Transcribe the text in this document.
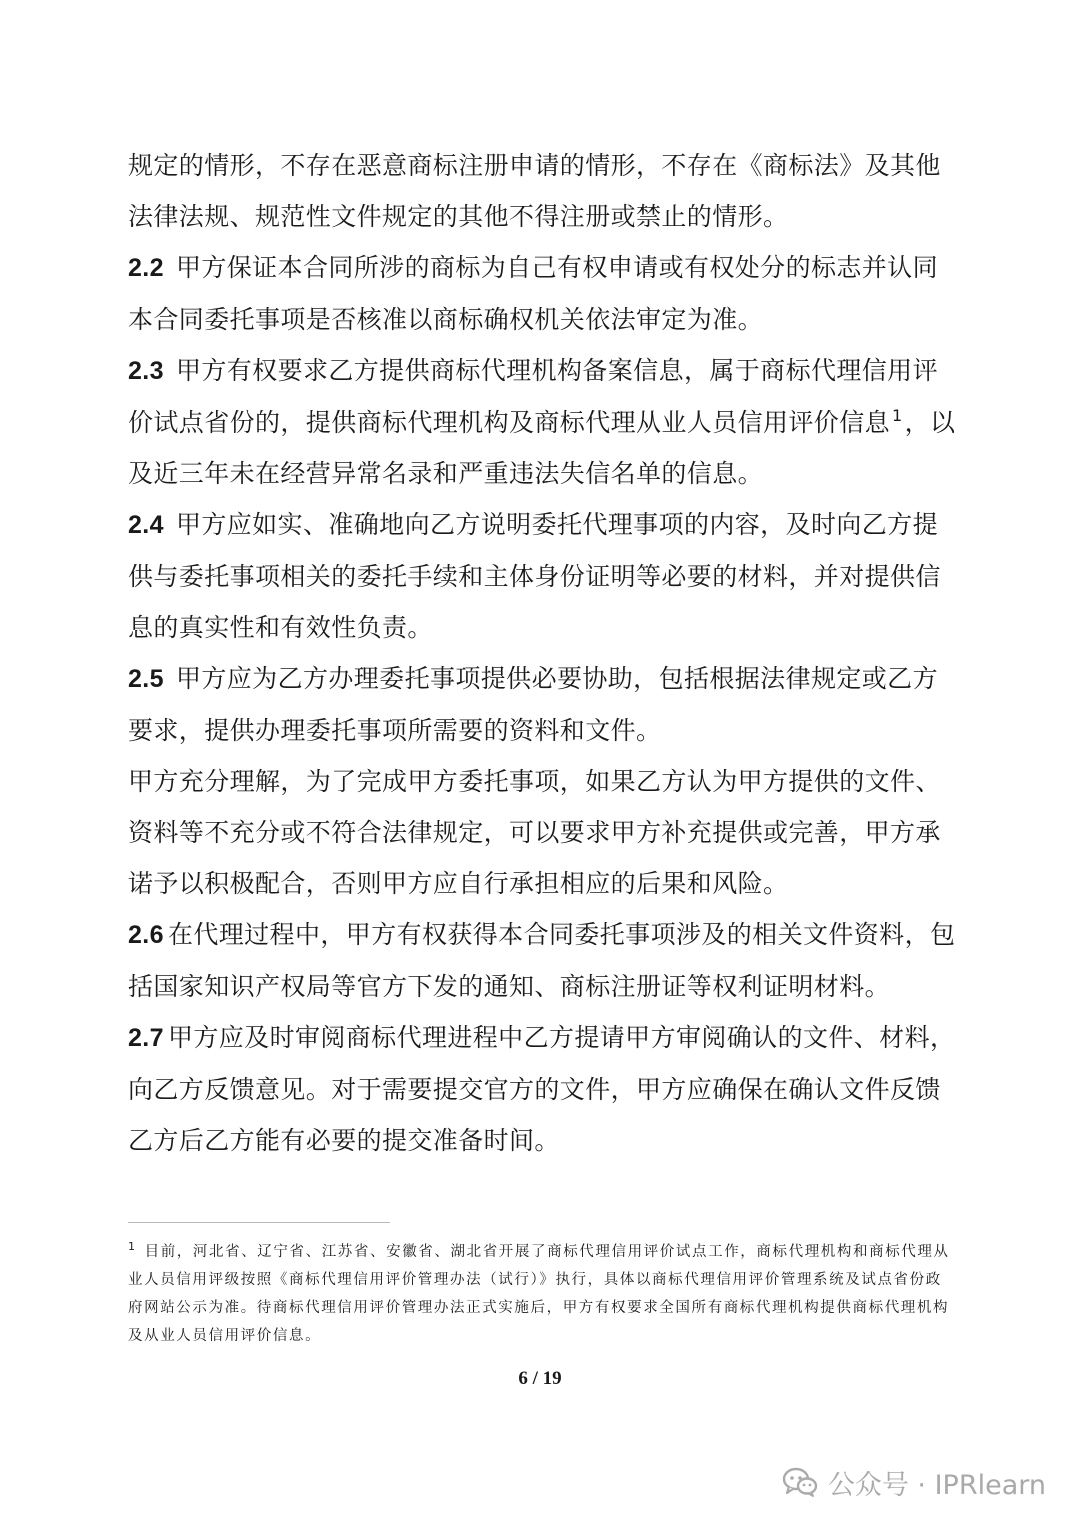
规定的情形，不存在恶意商标注册申请的情形，不存在《商标法》及其他法律法规、规范性文件规定的其他不得注册或禁止的情形。

2.2 甲方保证本合同所涉的商标为自己有权申请或有权处分的标志并认同本合同委托事项是否核准以商标确权机关依法审定为准。

2.3 甲方有权要求乙方提供商标代理机构备案信息，属于商标代理信用评价试点省份的，提供商标代理机构及商标代理从业人员信用评价信息 $^1$，以及近三年未在经营异常名录和严重违法失信名单的信息。

2.4 甲方应如实、准确地向乙方说明委托代理事项的内容，及时向乙方提供与委托事项相关的委托手续和主体身份证明等必要的材料，并对提供信息的真实性和有效性负责。

2.5 甲方应为乙方办理委托事项提供必要协助，包括根据法律规定或乙方要求，提供办理委托事项所需要的资料和文件。

甲方充分理解，为了完成甲方委托事项，如果乙方认为甲方提供的文件、资料等不充分或不符合法律规定，可以要求甲方补充提供或完善，甲方承诺予以积极配合，否则甲方应自行承担相应的后果和风险。

2.6 在代理过程中，甲方有权获得本合同委托事项涉及的相关文件资料，包括国家知识产权局等官方下发的通知、商标注册证等权利证明材料。

2.7 甲方应及时审阅商标代理进程中乙方提请甲方审阅确认的文件、材料，向乙方反馈意见。对于需要提交官方的文件，甲方应确保在确认文件反馈乙方后乙方能有必要的提交准备时间。

$^1$ 目前，河北省、辽宁省、江苏省、安徽省、湖北省开展了商标代理信用评价试点工作，商标代理机构和商标代理从业人员信用评级按照《商标代理信用评价管理办法（试行）》执行，具体以商标代理信用评价管理系统及试点省份政府网站公示为准。待商标代理信用评价管理办法正式实施后，甲方有权要求全国所有商标代理机构提供商标代理机构及从业人员信用评价信息。

6 / 19
公众号 · IPRlearn
